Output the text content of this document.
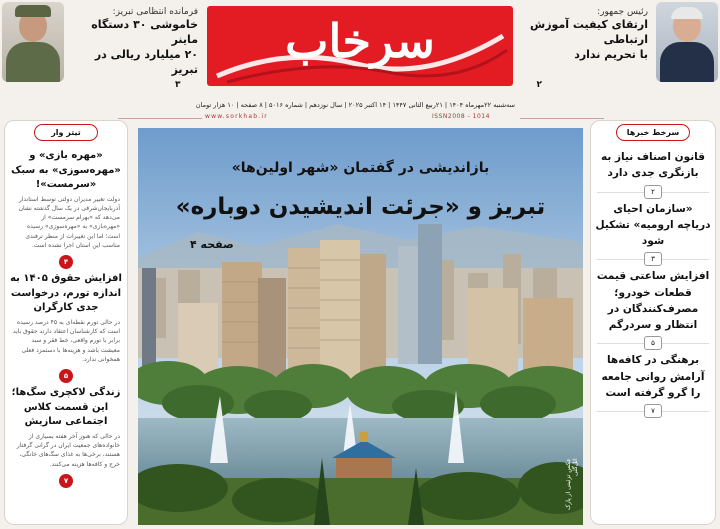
فرمانده انتظامی تبریز:
خاموشی ۳۰ دستگاه ماینر
۲۰ میلیارد ریالی در تبریز
۳
سرخاب
رئیس جمهور:
ارتقای کیفیت آموزش ارتباطی
با تحریم ندارد
۲
سه‌شنبه ۲۲مهرماه ۱۴۰۴ | ۲۱ربیع الثانی ۱۴۴۷ | ۱۴ اکتبر ۲۰۲۵ | سال نوزدهم | شماره ۵۰۱۶ | ۸ صفحه | ۱۰ هزار تومان
www.sorkhab.ir	ISSN2008 - 1014
تیتر وار
«مهره بازی» و «مهره‌سوزی» به سبک «سرمست»!
دولت تغییر مدیران دولتی توسط استاندار آذربایجان‌شرقی در یک سال گذشته نشان می‌دهد که «بهرام سرمست» از «مهره‌بازی» به «مهره‌سوزی» رسیده است؛ اما این تغییرات از منظر ترفندی مناسب این استان اجرا نشده است.
۴
افزایش حقوق ۱۴۰۵ به اندازه تورم، درخواست جدی کارگران
در حالی تورم نقطه‌ای به ۴۵ درصد رسیده است که کارشناسان اعتقاد دارند حقوق باید برابر با تورم واقعی، خط فقر و سبد معیشت باشد و هزینه‌ها با دستمزد فعلی همخوانی ندارد.
۵
زندگی لاکچری سگ‌ها؛ این قسمت کلاس اجتماعی سازیش
در حالی که هنوز آخر هفته بسیاری از خانواده‌های جمعیت ایران در گرانی گرفتار هستند، برخی‌ها به غذای سگ‌های خانگی، خرج و کافه‌ها هزینه می‌کنند.
۷
بازاندیشی در گفتمان «شهر اولین‌ها»
تبریز و «جرئت اندیشیدن دوباره»
صفحه ۴
عکس تزئینی از پارک ائل‌گلی
سرخط خبرها
قانون اصناف نیاز به بازنگری جدی دارد
۲
«سازمان احیای دریاچه ارومیه» تشکیل شود
۳
افزایش ساعتی قیمت قطعات خودرو؛ مصرف‌کنندگان در انتظار و سردرگم
۵
برهنگی در کافه‌ها آرامش روانی جامعه را گرو گرفته است
۷
